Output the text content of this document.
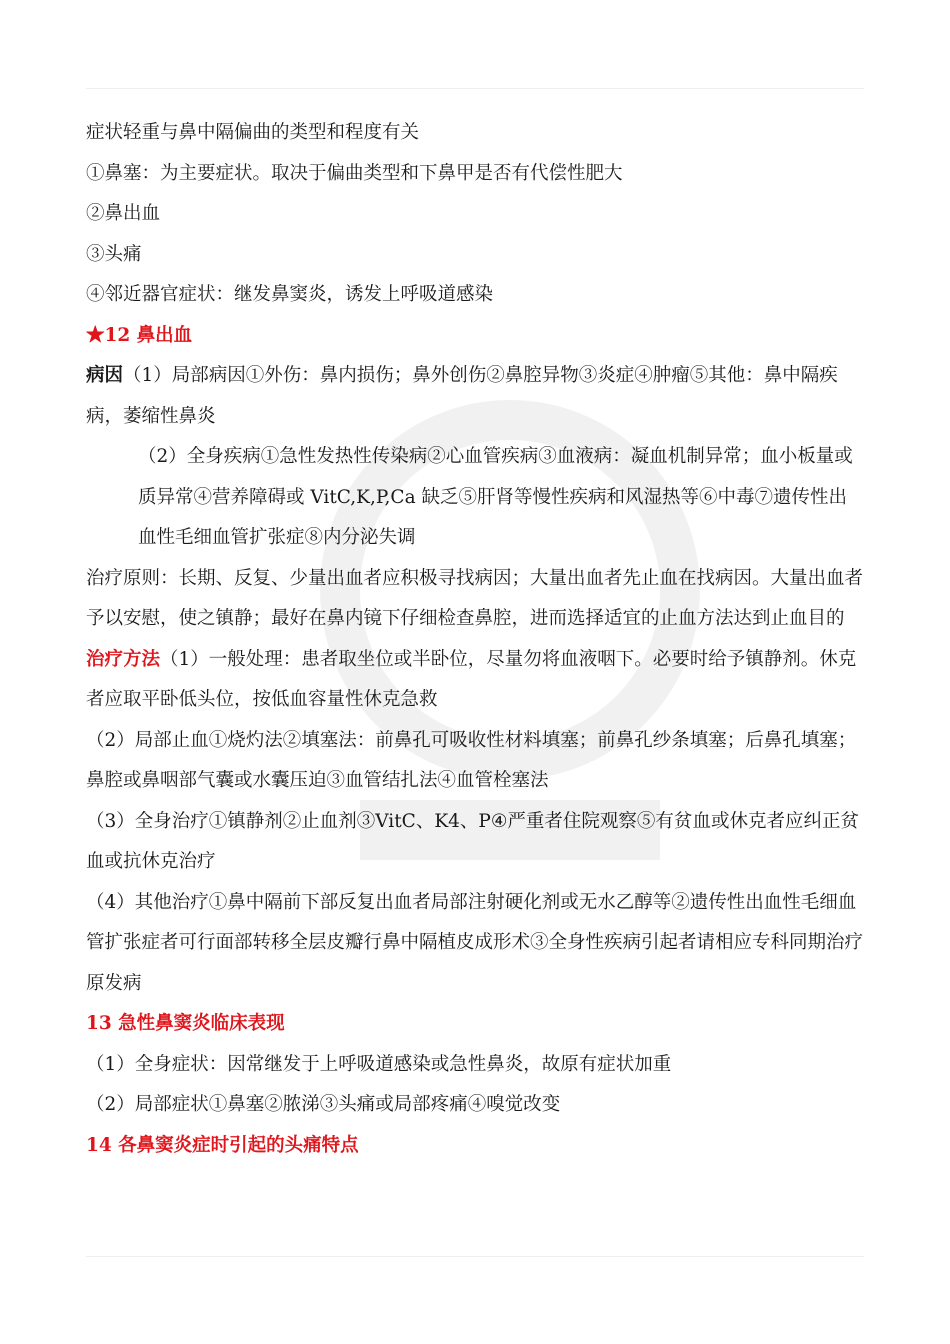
症状轻重与鼻中隔偏曲的类型和程度有关

①鼻塞：为主要症状。取决于偏曲类型和下鼻甲是否有代偿性肥大

②鼻出血

③头痛

④邻近器官症状：继发鼻窦炎，诱发上呼吸道感染

★12 鼻出血

病因（1）局部病因①外伤：鼻内损伤；鼻外创伤②鼻腔异物③炎症④肿瘤⑤其他：鼻中隔疾病，萎缩性鼻炎

（2）全身疾病①急性发热性传染病②心血管疾病③血液病：凝血机制异常；血小板量或质异常④营养障碍或 VitC,K,P,Ca 缺乏⑤肝肾等慢性疾病和风湿热等⑥中毒⑦遗传性出血性毛细血管扩张症⑧内分泌失调

治疗原则：长期、反复、少量出血者应积极寻找病因；大量出血者先止血在找病因。大量出血者予以安慰，使之镇静；最好在鼻内镜下仔细检查鼻腔，进而选择适宜的止血方法达到止血目的

治疗方法（1）一般处理：患者取坐位或半卧位，尽量勿将血液咽下。必要时给予镇静剂。休克者应取平卧低头位，按低血容量性休克急救

（2）局部止血①烧灼法②填塞法：前鼻孔可吸收性材料填塞；前鼻孔纱条填塞；后鼻孔填塞；鼻腔或鼻咽部气囊或水囊压迫③血管结扎法④血管栓塞法

（3）全身治疗①镇静剂②止血剂③VitC、K4、P④严重者住院观察⑤有贫血或休克者应纠正贫血或抗休克治疗

（4）其他治疗①鼻中隔前下部反复出血者局部注射硬化剂或无水乙醇等②遗传性出血性毛细血管扩张症者可行面部转移全层皮瓣行鼻中隔植皮成形术③全身性疾病引起者请相应专科同期治疗原发病

13 急性鼻窦炎临床表现

（1）全身症状：因常继发于上呼吸道感染或急性鼻炎，故原有症状加重

（2）局部症状①鼻塞②脓涕③头痛或局部疼痛④嗅觉改变

14 各鼻窦炎症时引起的头痛特点
